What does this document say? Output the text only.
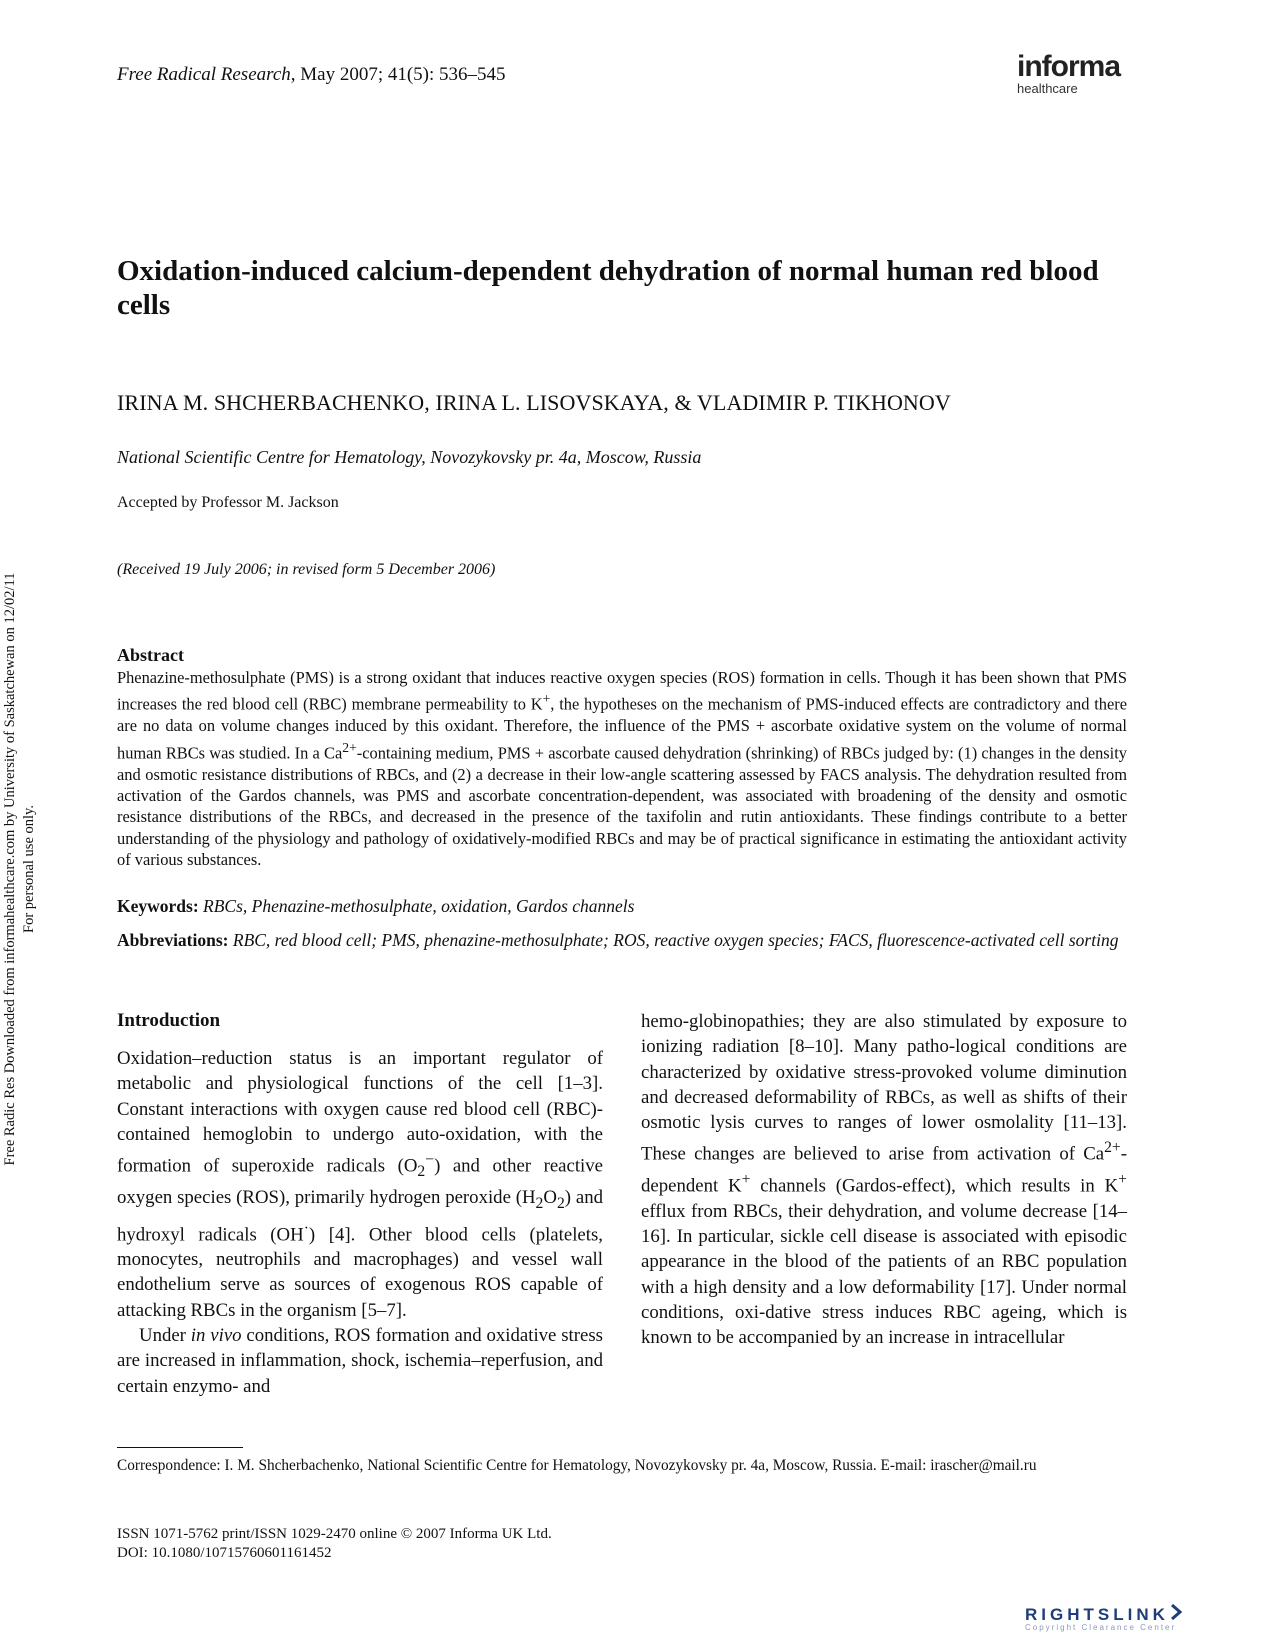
Free Radical Research, May 2007; 41(5): 536–545	informa
healthcare
Oxidation-induced calcium-dependent dehydration of normal human red blood cells
IRINA M. SHCHERBACHENKO, IRINA L. LISOVSKAYA, & VLADIMIR P. TIKHONOV
National Scientific Centre for Hematology, Novozykovsky pr. 4a, Moscow, Russia
Accepted by Professor M. Jackson
(Received 19 July 2006; in revised form 5 December 2006)
Abstract
Phenazine-methosulphate (PMS) is a strong oxidant that induces reactive oxygen species (ROS) formation in cells. Though it has been shown that PMS increases the red blood cell (RBC) membrane permeability to K+, the hypotheses on the mechanism of PMS-induced effects are contradictory and there are no data on volume changes induced by this oxidant. Therefore, the influence of the PMS + ascorbate oxidative system on the volume of normal human RBCs was studied. In a $Ca^{2+}$-containing medium, PMS + ascorbate caused dehydration (shrinking) of RBCs judged by: (1) changes in the density and osmotic resistance distributions of RBCs, and (2) a decrease in their low-angle scattering assessed by FACS analysis. The dehydration resulted from activation of the Gardos channels, was PMS and ascorbate concentration-dependent, was associated with broadening of the density and osmotic resistance distributions of the RBCs, and decreased in the presence of the taxifolin and rutin antioxidants. These findings contribute to a better understanding of the physiology and pathology of oxidatively-modified RBCs and may be of practical significance in estimating the antioxidant activity of various substances.
Keywords: RBCs, Phenazine-methosulphate, oxidation, Gardos channels
Abbreviations: RBC, red blood cell; PMS, phenazine-methosulphate; ROS, reactive oxygen species; FACS, fluorescence-activated cell sorting
Introduction

Oxidation–reduction status is an important regulator of metabolic and physiological functions of the cell [1–3]. Constant interactions with oxygen cause red blood cell (RBC)-contained hemoglobin to undergo auto-oxidation, with the formation of superoxide radicals $(O_2^-)$ and other reactive oxygen species (ROS), primarily hydrogen peroxide $(H_2O_2)$ and hydroxyl radicals (OH·) [4]. Other blood cells (platelets, monocytes, neutrophils and macrophages) and vessel wall endothelium serve as sources of exogenous ROS capable of attacking RBCs in the organism [5–7].

Under in vivo conditions, ROS formation and oxidative stress are increased in inflammation, shock, ischemia–reperfusion, and certain enzymo- and

hemo-globinopathies; they are also stimulated by exposure to ionizing radiation [8–10]. Many patho-logical conditions are characterized by oxidative stress-provoked volume diminution and decreased deformability of RBCs, as well as shifts of their osmotic lysis curves to ranges of lower osmolality [11–13]. These changes are believed to arise from activation of $Ca^{2+}$-dependent K+ channels (Gardos-effect), which results in K+ efflux from RBCs, their dehydration, and volume decrease [14–16]. In particular, sickle cell disease is associated with episodic appearance in the blood of the patients of an RBC population with a high density and a low deformability [17]. Under normal conditions, oxi-dative stress induces RBC ageing, which is known to be accompanied by an increase in intracellular

Correspondence: I. M. Shcherbachenko, National Scientific Centre for Hematology, Novozykovsky pr. 4a, Moscow, Russia. E-mail: irascher@mail.ru
ISSN 1071-5762 print/ISSN 1029-2470 online © 2007 Informa UK Ltd.
DOI: 10.1080/10715760601161452
Free Radic Res Downloaded from informahealthcare.com by University of Saskatchewan on 12/02/11 For personal use only.
RIGHTSLINK
Copyright Clearance Center
